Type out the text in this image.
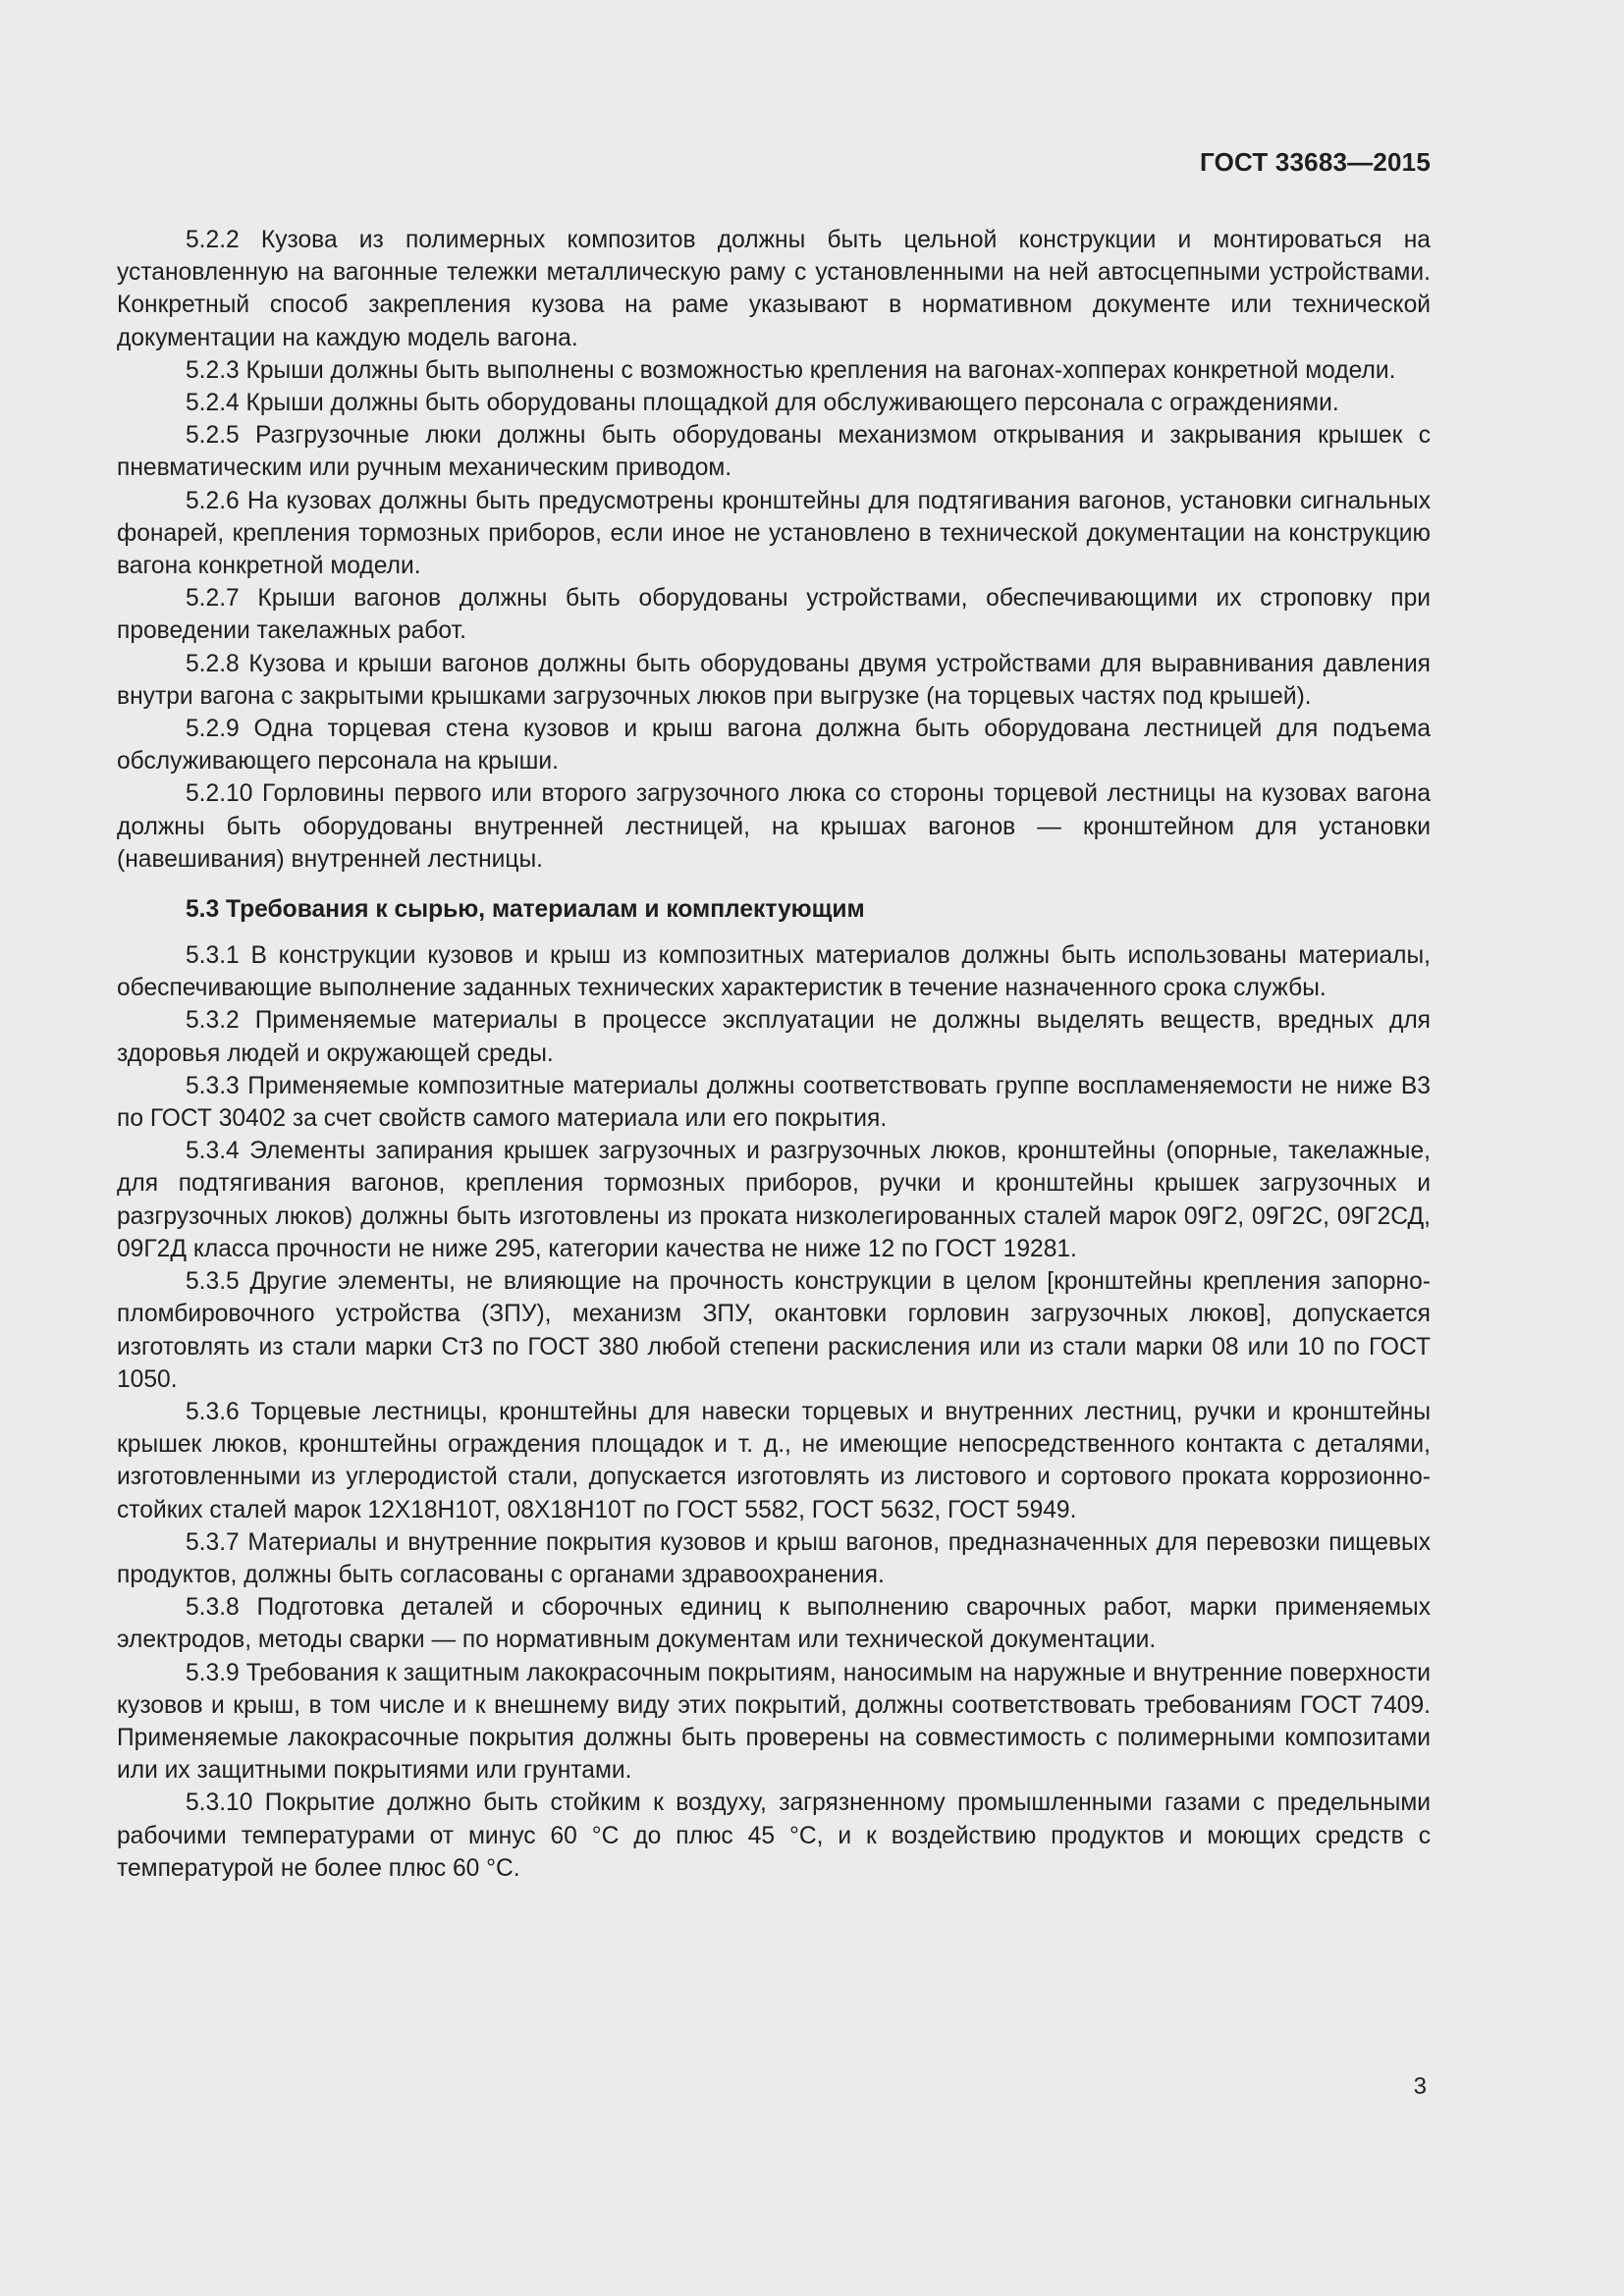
ГОСТ 33683—2015

5.2.2 Кузова из полимерных композитов должны быть цельной конструкции и монтироваться на установленную на вагонные тележки металлическую раму с установленными на ней автосцепными устройствами. Конкретный способ закрепления кузова на раме указывают в нормативном документе или технической документации на каждую модель вагона.

5.2.3 Крыши должны быть выполнены с возможностью крепления на вагонах-хопперах конкретной модели.

5.2.4 Крыши должны быть оборудованы площадкой для обслуживающего персонала с ограждениями.

5.2.5 Разгрузочные люки должны быть оборудованы механизмом открывания и закрывания крышек с пневматическим или ручным механическим приводом.

5.2.6 На кузовах должны быть предусмотрены кронштейны для подтягивания вагонов, установки сигнальных фонарей, крепления тормозных приборов, если иное не установлено в технической документации на конструкцию вагона конкретной модели.

5.2.7 Крыши вагонов должны быть оборудованы устройствами, обеспечивающими их строповку при проведении такелажных работ.

5.2.8 Кузова и крыши вагонов должны быть оборудованы двумя устройствами для выравнивания давления внутри вагона с закрытыми крышками загрузочных люков при выгрузке (на торцевых частях под крышей).

5.2.9 Одна торцевая стена кузовов и крыш вагона должна быть оборудована лестницей для подъема обслуживающего персонала на крыши.

5.2.10 Горловины первого или второго загрузочного люка со стороны торцевой лестницы на кузовах вагона должны быть оборудованы внутренней лестницей, на крышах вагонов — кронштейном для установки (навешивания) внутренней лестницы.

5.3 Требования к сырью, материалам и комплектующим

5.3.1 В конструкции кузовов и крыш из композитных материалов должны быть использованы материалы, обеспечивающие выполнение заданных технических характеристик в течение назначенного срока службы.

5.3.2 Применяемые материалы в процессе эксплуатации не должны выделять веществ, вредных для здоровья людей и окружающей среды.

5.3.3 Применяемые композитные материалы должны соответствовать группе воспламеняемости не ниже В3 по ГОСТ 30402 за счет свойств самого материала или его покрытия.

5.3.4 Элементы запирания крышек загрузочных и разгрузочных люков, кронштейны (опорные, такелажные, для подтягивания вагонов, крепления тормозных приборов, ручки и кронштейны крышек загрузочных и разгрузочных люков) должны быть изготовлены из проката низколегированных сталей марок 09Г2, 09Г2С, 09Г2СД, 09Г2Д класса прочности не ниже 295, категории качества не ниже 12 по ГОСТ 19281.

5.3.5 Другие элементы, не влияющие на прочность конструкции в целом [кронштейны крепления запорно-пломбировочного устройства (ЗПУ), механизм ЗПУ, окантовки горловин загрузочных люков], допускается изготовлять из стали марки Ст3 по ГОСТ 380 любой степени раскисления или из стали марки 08 или 10 по ГОСТ 1050.

5.3.6 Торцевые лестницы, кронштейны для навески торцевых и внутренних лестниц, ручки и кронштейны крышек люков, кронштейны ограждения площадок и т. д., не имеющие непосредственного контакта с деталями, изготовленными из углеродистой стали, допускается изготовлять из листового и сортового проката коррозионно-стойких сталей марок 12Х18Н10Т, 08Х18Н10Т по ГОСТ 5582, ГОСТ 5632, ГОСТ 5949.

5.3.7 Материалы и внутренние покрытия кузовов и крыш вагонов, предназначенных для перевозки пищевых продуктов, должны быть согласованы с органами здравоохранения.

5.3.8 Подготовка деталей и сборочных единиц к выполнению сварочных работ, марки применяемых электродов, методы сварки — по нормативным документам или технической документации.

5.3.9 Требования к защитным лакокрасочным покрытиям, наносимым на наружные и внутренние поверхности кузовов и крыш, в том числе и к внешнему виду этих покрытий, должны соответствовать требованиям ГОСТ 7409. Применяемые лакокрасочные покрытия должны быть проверены на совместимость с полимерными композитами или их защитными покрытиями или грунтами.

5.3.10 Покрытие должно быть стойким к воздуху, загрязненному промышленными газами с предельными рабочими температурами от минус 60 °С до плюс 45 °С, и к воздействию продуктов и моющих средств с температурой не более плюс 60 °С.

3
